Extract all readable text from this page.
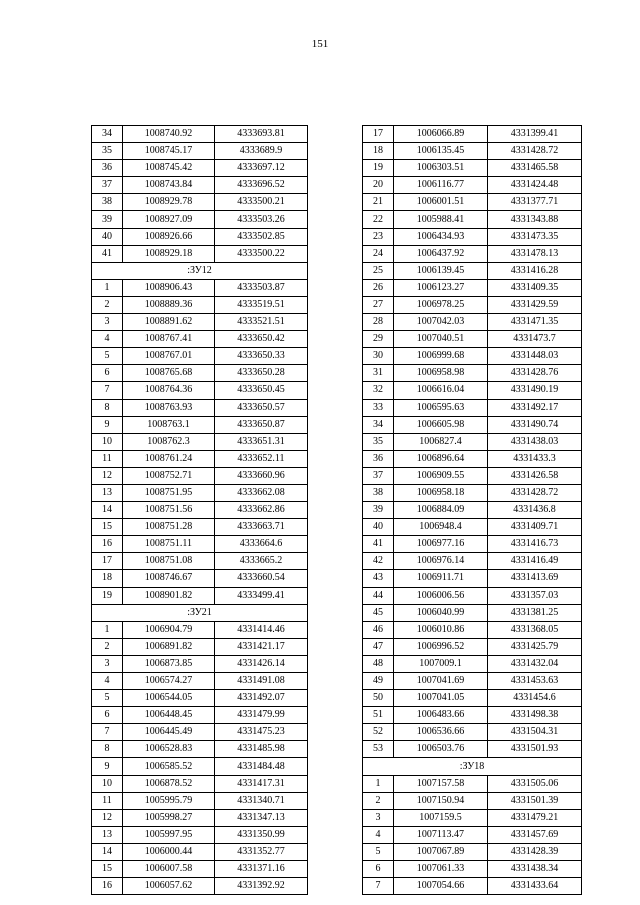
151
34	1008740.92	4333693.81
35	1008745.17	4333689.9
36	1008745.42	4333697.12
37	1008743.84	4333696.52
38	1008929.78	4333500.21
39	1008927.09	4333503.26
40	1008926.66	4333502.85
41	1008929.18	4333500.22
:ЗУ12		
1	1008906.43	4333503.87
2	1008889.36	4333519.51
3	1008891.62	4333521.51
4	1008767.41	4333650.42
5	1008767.01	4333650.33
6	1008765.68	4333650.28
7	1008764.36	4333650.45
8	1008763.93	4333650.57
9	1008763.1	4333650.87
10	1008762.3	4333651.31
11	1008761.24	4333652.11
12	1008752.71	4333660.96
13	1008751.95	4333662.08
14	1008751.56	4333662.86
15	1008751.28	4333663.71
16	1008751.11	4333664.6
17	1008751.08	4333665.2
18	1008746.67	4333660.54
19	1008901.82	4333499.41
:ЗУ21		
1	1006904.79	4331414.46
2	1006891.82	4331421.17
3	1006873.85	4331426.14
4	1006574.27	4331491.08
5	1006544.05	4331492.07
6	1006448.45	4331479.99
7	1006445.49	4331475.23
8	1006528.83	4331485.98
9	1006585.52	4331484.48
10	1006878.52	4331417.31
11	1005995.79	4331340.71
12	1005998.27	4331347.13
13	1005997.95	4331350.99
14	1006000.44	4331352.77
15	1006007.58	4331371.16
16	1006057.62	4331392.92
17	1006066.89	4331399.41
18	1006135.45	4331428.72
19	1006303.51	4331465.58
20	1006116.77	4331424.48
21	1006001.51	4331377.71
22	1005988.41	4331343.88
23	1006434.93	4331473.35
24	1006437.92	4331478.13
25	1006139.45	4331416.28
26	1006123.27	4331409.35
27	1006978.25	4331429.59
28	1007042.03	4331471.35
29	1007040.51	4331473.7
30	1006999.68	4331448.03
31	1006958.98	4331428.76
32	1006616.04	4331490.19
33	1006595.63	4331492.17
34	1006605.98	4331490.74
35	1006827.4	4331438.03
36	1006896.64	4331433.3
37	1006909.55	4331426.58
38	1006958.18	4331428.72
39	1006884.09	4331436.8
40	1006948.4	4331409.71
41	1006977.16	4331416.73
42	1006976.14	4331416.49
43	1006911.71	4331413.69
44	1006006.56	4331357.03
45	1006040.99	4331381.25
46	1006010.86	4331368.05
47	1006996.52	4331425.79
48	1007009.1	4331432.04
49	1007041.69	4331453.63
50	1007041.05	4331454.6
51	1006483.66	4331498.38
52	1006536.66	4331504.31
53	1006503.76	4331501.93
:ЗУ18		
1	1007157.58	4331505.06
2	1007150.94	4331501.39
3	1007159.5	4331479.21
4	1007113.47	4331457.69
5	1007067.89	4331428.39
6	1007061.33	4331438.34
7	1007054.66	4331433.64
